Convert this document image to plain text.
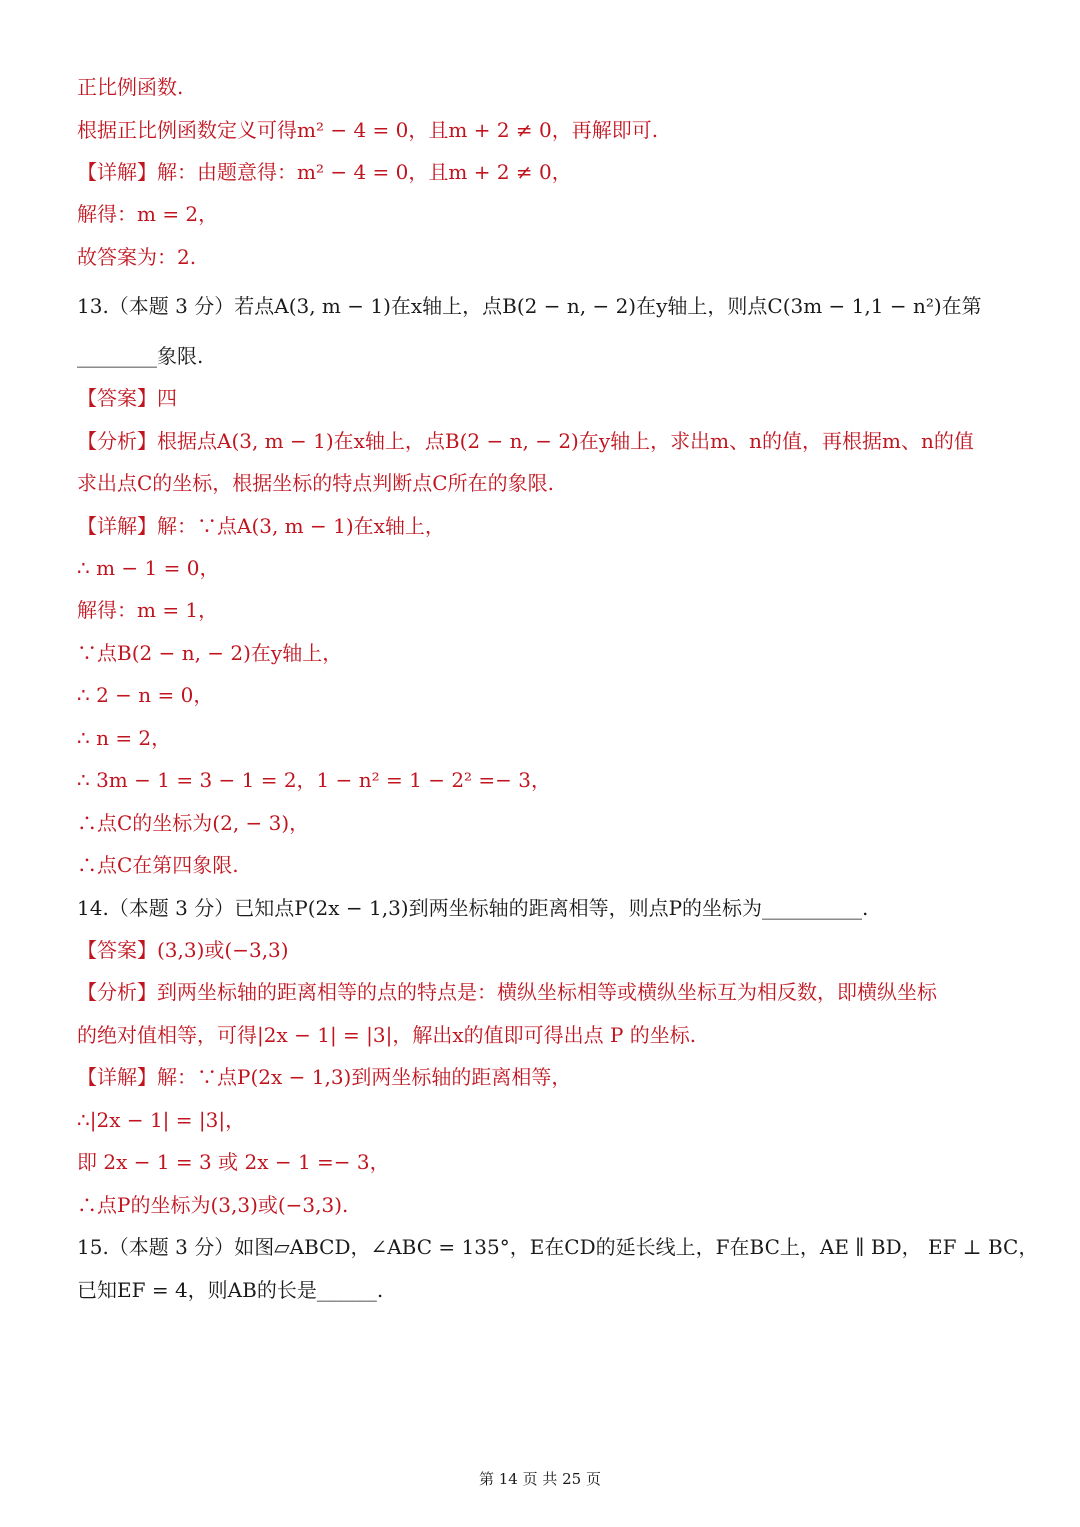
正比例函数.
根据正比例函数定义可得m² − 4 = 0，且m + 2 ≠ 0，再解即可.
【详解】解：由题意得：m² − 4 = 0，且m + 2 ≠ 0，
解得：m = 2，
故答案为：2.
13.（本题 3 分）若点A(3, m − 1)在x轴上，点B(2 − n, − 2)在y轴上，则点C(3m − 1,1 − n²)在第
________象限.
【答案】四
【分析】根据点A(3, m − 1)在x轴上，点B(2 − n, − 2)在y轴上，求出m、n的值，再根据m、n的值
求出点C的坐标，根据坐标的特点判断点C所在的象限.
【详解】解：∵点A(3, m − 1)在x轴上，
∴ m − 1 = 0，
解得：m = 1，
∵点B(2 − n, − 2)在y轴上，
∴ 2 − n = 0，
∴ n = 2，
∴ 3m − 1 = 3 − 1 = 2，1 − n² = 1 − 2² =− 3，
∴点C的坐标为(2, − 3)，
∴点C在第四象限.
14.（本题 3 分）已知点P(2x − 1,3)到两坐标轴的距离相等，则点P的坐标为__________.
【答案】(3,3)或(−3,3)
【分析】到两坐标轴的距离相等的点的特点是：横纵坐标相等或横纵坐标互为相反数，即横纵坐标
的绝对值相等，可得|2x − 1| = |3|，解出x的值即可得出点 P 的坐标.
【详解】解：∵点P(2x − 1,3)到两坐标轴的距离相等，
∴|2x − 1| = |3|，
即 2x − 1 = 3 或 2x − 1 =− 3，
∴点P的坐标为(3,3)或(−3,3).
15.（本题 3 分）如图▱ABCD，∠ABC = 135°，E在CD的延长线上，F在BC上，AE ∥ BD， EF ⊥ BC，
已知EF = 4，则AB的长是______.
第 14 页 共 25 页
